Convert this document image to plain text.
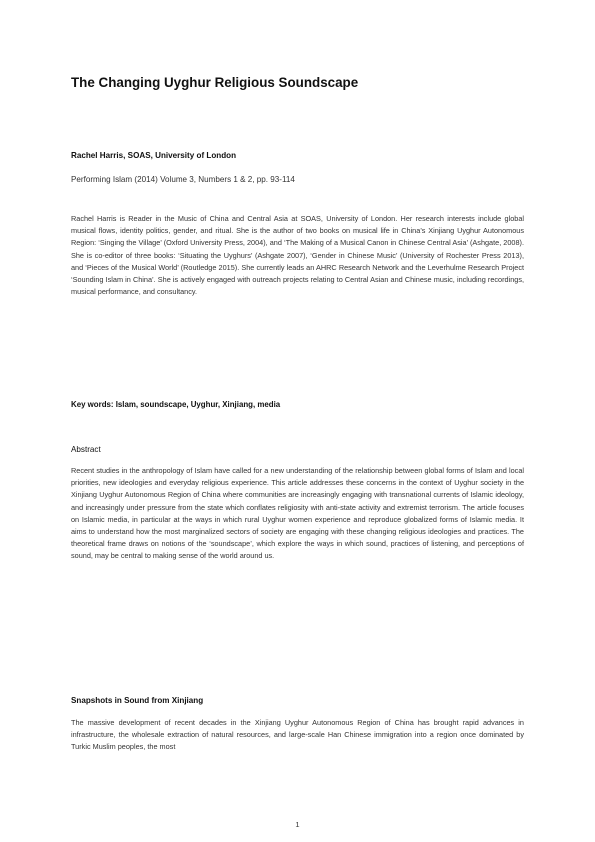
The Changing Uyghur Religious Soundscape

Rachel Harris, SOAS, University of London

Performing Islam (2014) Volume 3, Numbers 1 & 2, pp. 93-114

Rachel Harris is Reader in the Music of China and Central Asia at SOAS, University of London. Her research interests include global musical flows, identity politics, gender, and ritual. She is the author of two books on musical life in China’s Xinjiang Uyghur Autonomous Region: ‘Singing the Village’ (Oxford University Press, 2004), and ‘The Making of a Musical Canon in Chinese Central Asia’ (Ashgate, 2008). She is co-editor of three books: ‘Situating the Uyghurs’ (Ashgate 2007), ‘Gender in Chinese Music’ (University of Rochester Press 2013), and ‘Pieces of the Musical World’ (Routledge 2015). She currently leads an AHRC Research Network and the Leverhulme Research Project ‘Sounding Islam in China’. She is actively engaged with outreach projects relating to Central Asian and Chinese music, including recordings, musical performance, and consultancy.

Key words: Islam, soundscape, Uyghur, Xinjiang, media

Abstract

Recent studies in the anthropology of Islam have called for a new understanding of the relationship between global forms of Islam and local priorities, new ideologies and everyday religious experience. This article addresses these concerns in the context of Uyghur society in the Xinjiang Uyghur Autonomous Region of China where communities are increasingly engaging with transnational currents of Islamic ideology, and increasingly under pressure from the state which conflates religiosity with anti-state activity and extremist terrorism. The article focuses on Islamic media, in particular at the ways in which rural Uyghur women experience and reproduce globalized forms of Islamic media. It aims to understand how the most marginalized sectors of society are engaging with these changing religious ideologies and practices. The theoretical frame draws on notions of the ‘soundscape’, which explore the ways in which sound, practices of listening, and perceptions of sound, may be central to making sense of the world around us.

Snapshots in Sound from Xinjiang

The massive development of recent decades in the Xinjiang Uyghur Autonomous Region of China has brought rapid advances in infrastructure, the wholesale extraction of natural resources, and large-scale Han Chinese immigration into a region once dominated by Turkic Muslim peoples, the most

1
